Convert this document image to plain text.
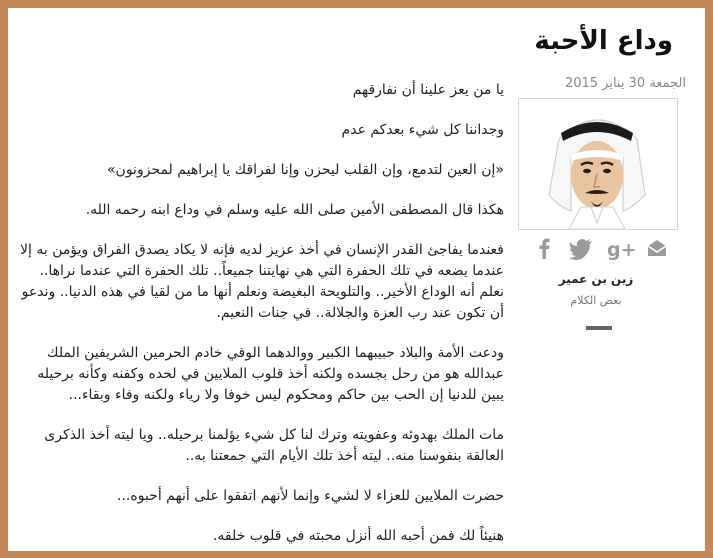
وداع الأحبة
الجمعة 30 يناير 2015
g+
زين بن عمير
بعض الكلام

يا من يعز علينا أن نفارقهم

وجداننا كل شيء بعدكم عدم

«إن العين لتدمع، وإن القلب ليحزن وإنا لفراقك يا إبراهيم لمحزونون»

هكذا قال المصطفى الأمين صلى الله عليه وسلم في وداع ابنه رحمه الله.

فعندما يفاجئ القدر الإنسان في أخذ عزيز لديه فإنه لا يكاد يصدق الفراق ويؤمن به إلا عندما يضعه في تلك الحفرة التي هي نهايتنا جميعاً.. تلك الحفرة التي عندما نراها.. نعلم أنه الوداع الأخير.. والتلويحة البغيضة ونعلم أنها ما من لقيا في هذه الدنيا.. وندعو أن تكون عند رب العزة والجلالة.. في جنات النعيم.

ودعت الأمة والبلاد حبيبهما الكبير ووالدهما الوفي خادم الحرمين الشريفين الملك عبدالله هو من رحل بجسده ولكنه أخذ قلوب الملايين في لحده وكفنه وكأنه برحيله يبين للدنيا إن الحب بين حاكم ومحكوم ليس خوفا ولا رياء ولكنه وفاء وبقاء...

مات الملك بهدوئه وعفويته وترك لنا كل شيء يؤلمنا برحيله.. ويا ليته أخذ الذكرى العالقة بنفوسنا منه.. ليته أخذ تلك الأيام التي جمعتنا به..

حضرت الملايين للعزاء لا لشيء وإنما لأنهم اتفقوا على أنهم أحبوه...

هنيئاً لك فمن أحبه الله أنزل محبته في قلوب خلقه.
